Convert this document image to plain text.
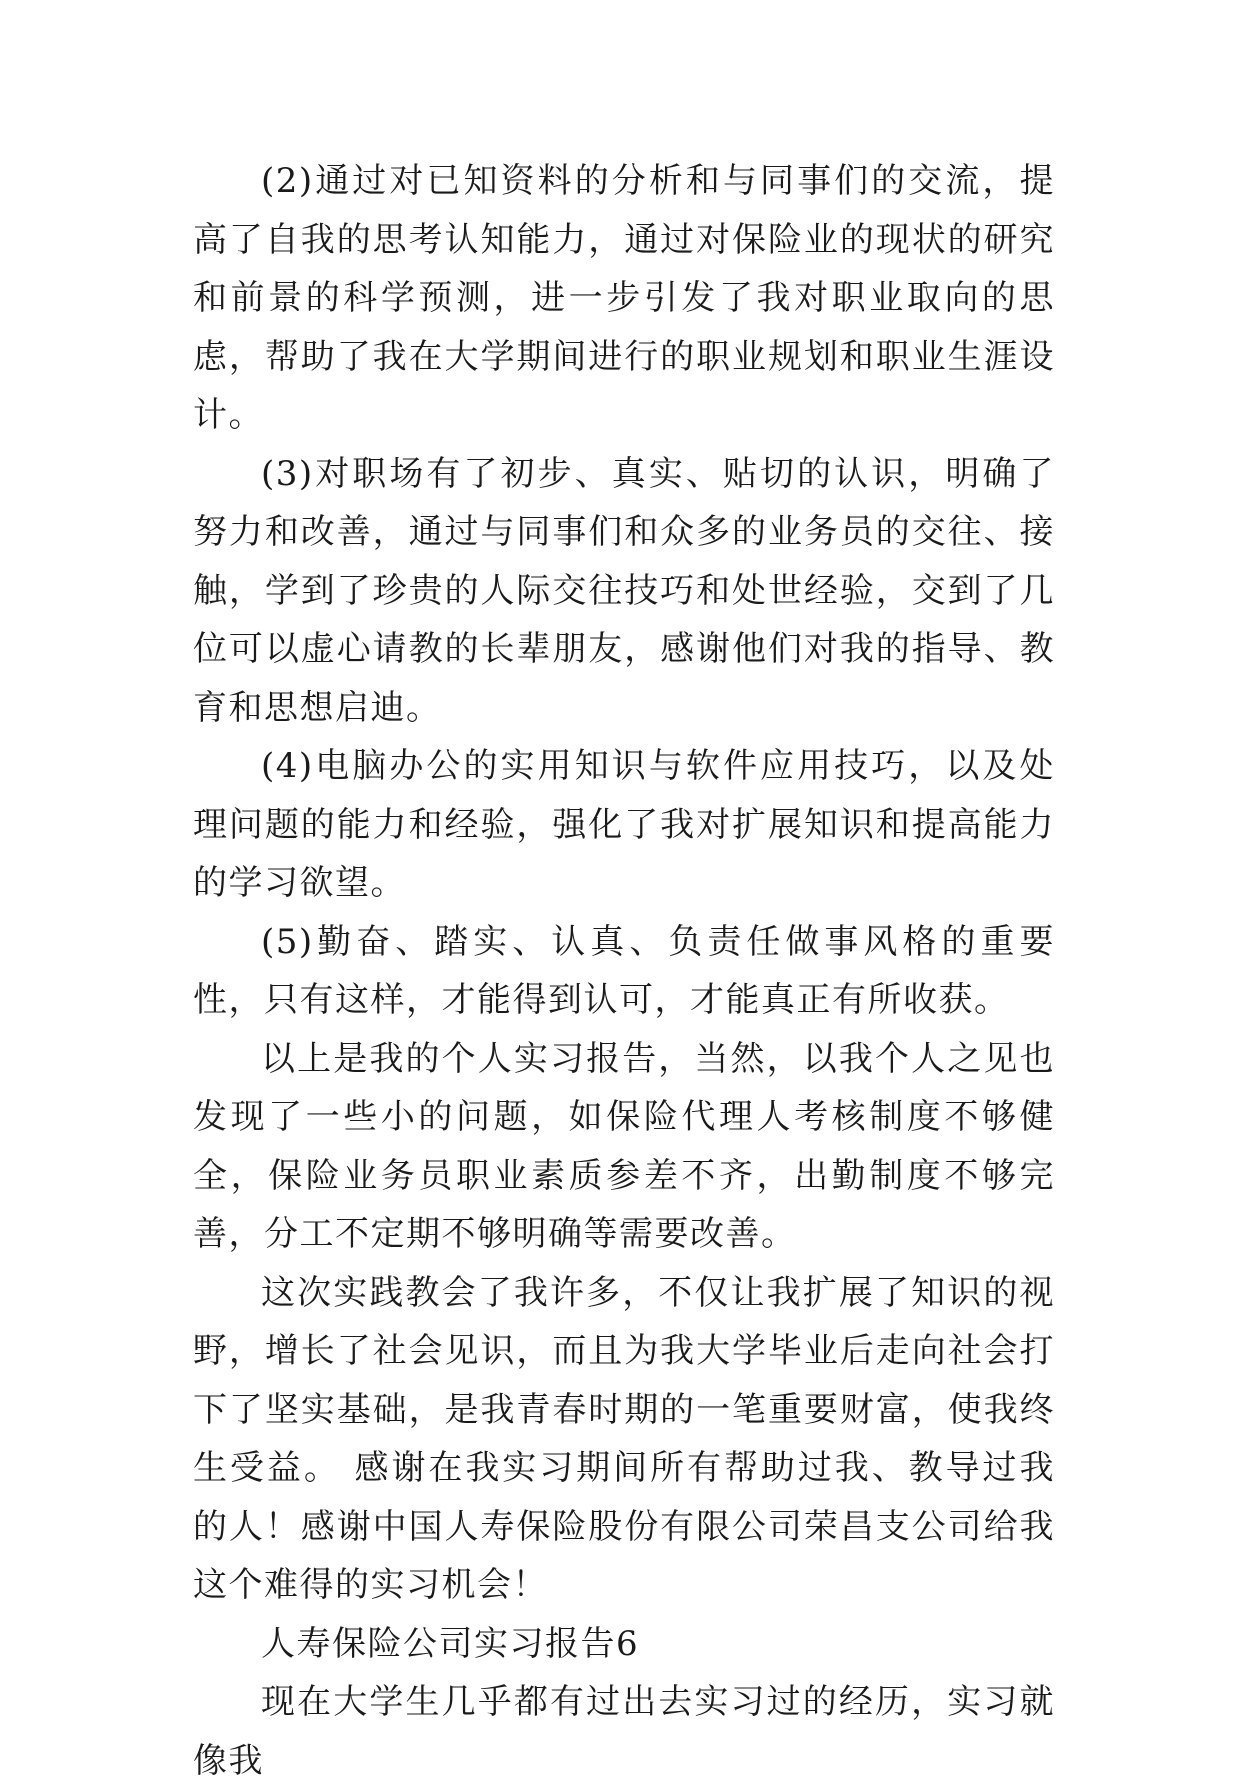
(2)通过对已知资料的分析和与同事们的交流，提高了自我的思考认知能力，通过对保险业的现状的研究和前景的科学预测，进一步引发了我对职业取向的思虑，帮助了我在大学期间进行的职业规划和职业生涯设计。

(3)对职场有了初步、真实、贴切的认识，明确了努力和改善，通过与同事们和众多的业务员的交往、接触，学到了珍贵的人际交往技巧和处世经验，交到了几位可以虚心请教的长辈朋友，感谢他们对我的指导、教育和思想启迪。

(4)电脑办公的实用知识与软件应用技巧，以及处理问题的能力和经验，强化了我对扩展知识和提高能力的学习欲望。

(5)勤奋、踏实、认真、负责任做事风格的重要性，只有这样，才能得到认可，才能真正有所收获。

以上是我的个人实习报告，当然，以我个人之见也发现了一些小的问题，如保险代理人考核制度不够健全，保险业务员职业素质参差不齐，出勤制度不够完善，分工不定期不够明确等需要改善。

这次实践教会了我许多，不仅让我扩展了知识的视野，增长了社会见识，而且为我大学毕业后走向社会打下了坚实基础，是我青春时期的一笔重要财富，使我终生受益。 感谢在我实习期间所有帮助过我、教导过我的人！感谢中国人寿保险股份有限公司荣昌支公司给我这个难得的实习机会！

人寿保险公司实习报告6

现在大学生几乎都有过出去实习过的经历，实习就像我
